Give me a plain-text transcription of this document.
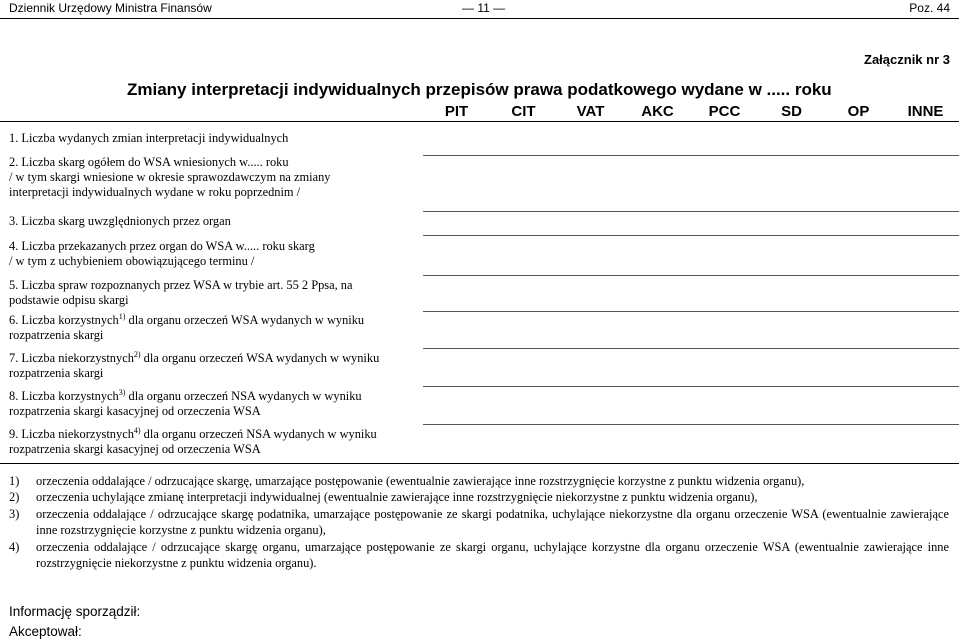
Dziennik Urzędowy Ministra Finansów	— 11 —	Poz. 44
Załącznik nr 3
Zmiany interpretacji indywidualnych przepisów prawa podatkowego wydane w ..... roku
PIT	CIT	VAT	AKC	PCC	SD	OP	INNE
1. Liczba wydanych zmian interpretacji indywidualnych
2. Liczba skarg ogółem do WSA wniesionych w..... roku
/ w tym skargi wniesione w okresie sprawozdawczym na zmiany
interpretacji indywidualnych wydane w roku poprzednim /
3. Liczba skarg uwzględnionych przez organ
4. Liczba przekazanych przez organ do WSA w..... roku skarg
/ w tym z uchybieniem obowiązującego terminu /
5. Liczba spraw rozpoznanych przez WSA w trybie art. 55 2 Ppsa, na
podstawie odpisu skargi
6. Liczba korzystnych$^{1)}$ dla organu orzeczeń WSA wydanych w wyniku
rozpatrzenia skargi
7. Liczba niekorzystnych$^{2)}$ dla organu orzeczeń WSA wydanych w wyniku
rozpatrzenia skargi
8. Liczba korzystnych$^{3)}$ dla organu orzeczeń NSA wydanych w wyniku
rozpatrzenia skargi kasacyjnej od orzeczenia WSA
9. Liczba niekorzystnych$^{4)}$ dla organu orzeczeń NSA wydanych w wyniku
rozpatrzenia skargi kasacyjnej od orzeczenia WSA
1) orzeczenia oddalające / odrzucające skargę, umarzające postępowanie (ewentualnie zawierające inne rozstrzygnięcie korzystne z punktu widzenia organu),
2) orzeczenia uchylające zmianę interpretacji indywidualnej (ewentualnie zawierające inne rozstrzygnięcie niekorzystne z punktu widzenia organu),
3) orzeczenia oddalające / odrzucające skargę podatnika, umarzające postępowanie ze skargi podatnika, uchylające niekorzystne dla organu orzeczenie WSA (ewentualnie zawierające inne rozstrzygnięcie korzystne z punktu widzenia organu),
4) orzeczenia oddalające / odrzucające skargę organu, umarzające postępowanie ze skargi organu, uchylające korzystne dla organu orzeczenie WSA (ewentualnie zawierające inne rozstrzygnięcie niekorzystne z punktu widzenia organu).
Informację sporządził:
Akceptował:
